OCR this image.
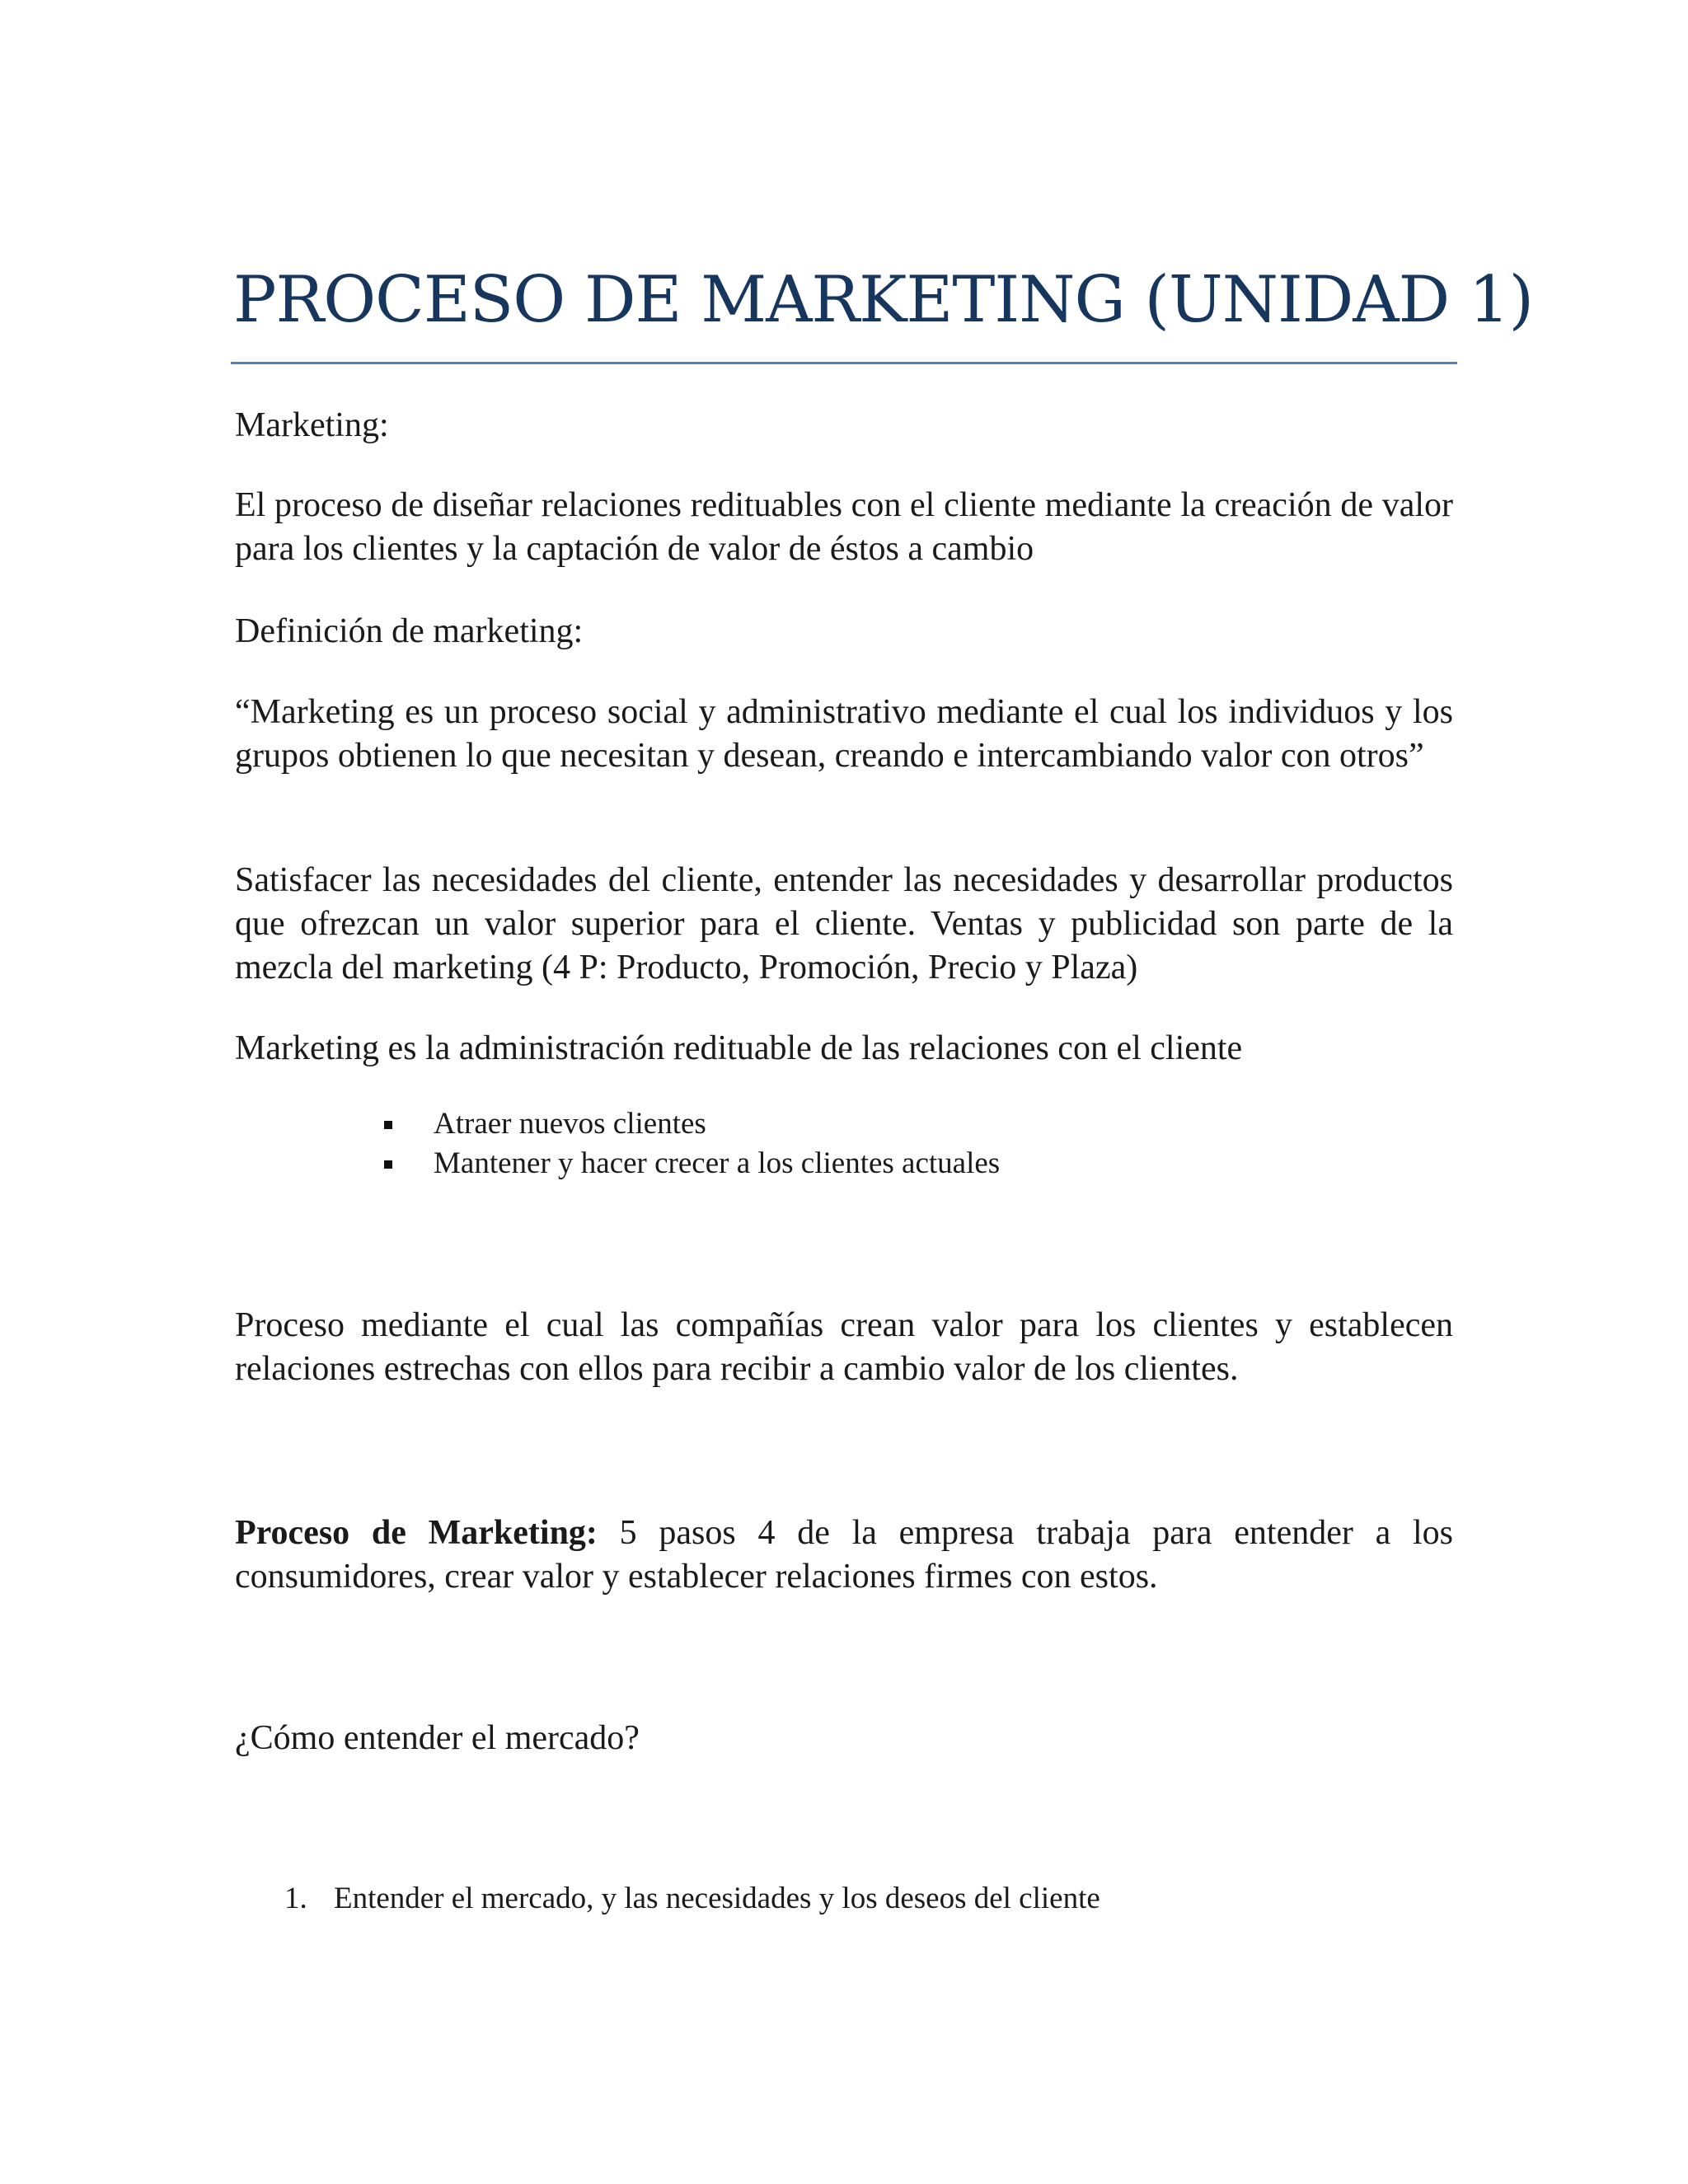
PROCESO DE MARKETING (UNIDAD 1)

Marketing:

El proceso de diseñar relaciones redituables con el cliente mediante la creación de valor para los clientes y la captación de valor de éstos a cambio

Definición de marketing:

“Marketing es un proceso social y administrativo mediante el cual los individuos y los grupos obtienen lo que necesitan y desean, creando e intercambiando valor con otros”

Satisfacer las necesidades del cliente, entender las necesidades y desarrollar productos que ofrezcan un valor superior para el cliente. Ventas y publicidad son parte de la mezcla del marketing (4 P: Producto, Promoción, Precio y Plaza)

Marketing es la administración redituable de las relaciones con el cliente

Atraer nuevos clientes
Mantener y hacer crecer a los clientes actuales

Proceso mediante el cual las compañías crean valor para los clientes y establecen relaciones estrechas con ellos para recibir a cambio valor de los clientes.

Proceso de Marketing: 5 pasos 4 de la empresa trabaja para entender a los consumidores, crear valor y establecer relaciones firmes con estos.

¿Cómo entender el mercado?

1. Entender el mercado, y las necesidades y los deseos del cliente
